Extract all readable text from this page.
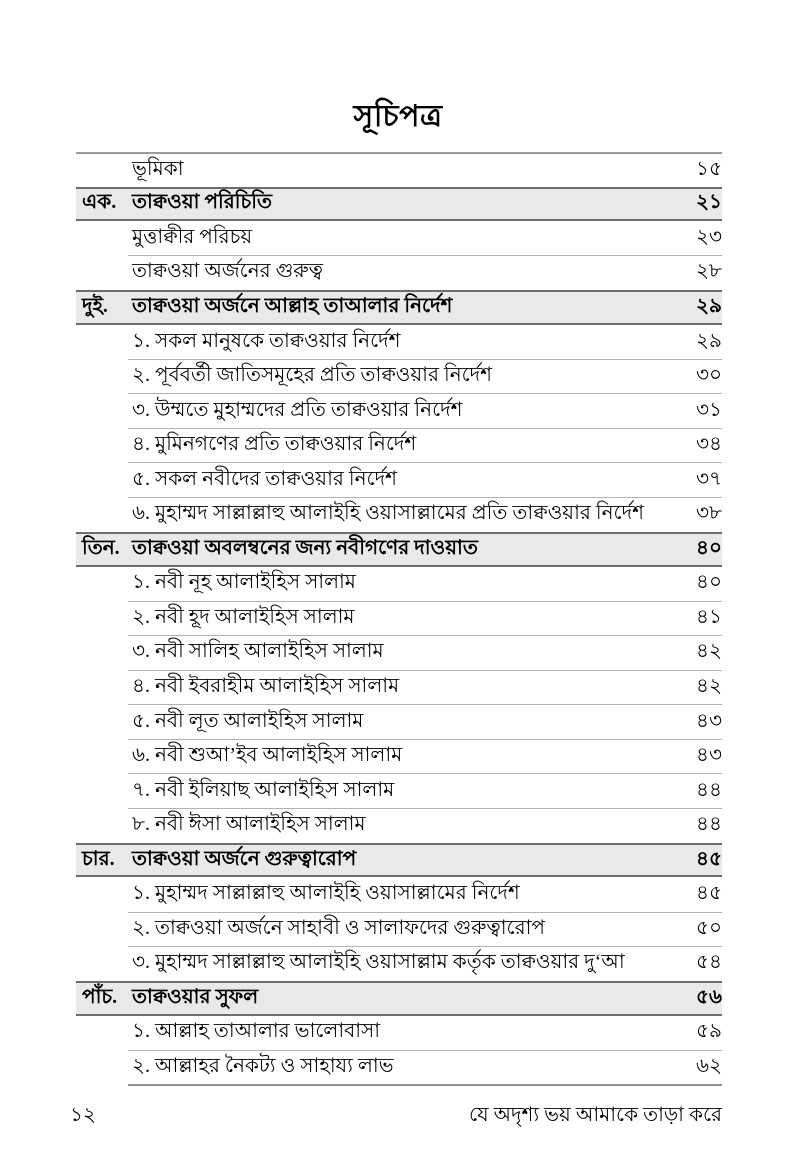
সূচিপত্র
ভূমিকা	১৫
এক. তাক্বওয়া পরিচিতি	২১
মুত্তাক্বীর পরিচয়	২৩
তাক্বওয়া অর্জনের গুরুত্ব	২৮
দুই.	তাক্বওয়া অর্জনে আল্লাহ তাআলার নির্দেশ	২৯
১. সকল মানুষকে তাক্বওয়ার নির্দেশ	২৯
২. পূর্ববর্তী জাতিসমূহের প্রতি তাক্বওয়ার নির্দেশ	৩০
৩. উম্মতে মুহাম্মদের প্রতি তাক্বওয়ার নির্দেশ	৩১
৪. মুমিনগণের প্রতি তাক্বওয়ার নির্দেশ	৩৪
৫. সকল নবীদের তাক্বওয়ার নির্দেশ	৩৭
৬. মুহাম্মদ সাল্লাল্লাহু আলাইহি ওয়াসাল্লামের প্রতি তাক্বওয়ার নির্দেশ	৩৮
তিন. তাক্বওয়া অবলম্বনের জন্য নবীগণের দাওয়াত	৪০
১. নবী নূহ আলাইহিস সালাম	৪০
২. নবী হূদ আলাইহিস সালাম	৪১
৩. নবী সালিহ আলাইহিস সালাম	৪২
৪. নবী ইবরাহীম আলাইহিস সালাম	৪২
৫. নবী লূত আলাইহিস সালাম	৪৩
৬. নবী শুআ’ইব আলাইহিস সালাম	৪৩
৭. নবী ইলিয়াছ আলাইহিস সালাম	৪৪
৮. নবী ঈসা আলাইহিস সালাম	৪৪
চার. তাক্বওয়া অর্জনে গুরুত্বারোপ	৪৫
১. মুহাম্মদ সাল্লাল্লাহু আলাইহি ওয়াসাল্লামের নির্দেশ	৪৫
২. তাক্বওয়া অর্জনে সাহাবী ও সালাফদের গুরুত্বারোপ	৫০
৩. মুহাম্মদ সাল্লাল্লাহু আলাইহি ওয়াসাল্লাম কর্তৃক তাক্বওয়ার দু‘আ	৫৪
পাঁচ. তাক্বওয়ার সুফল	৫৬
১. আল্লাহ তাআলার ভালোবাসা	৫৯
২. আল্লাহর নৈকট্য ও সাহায্য লাভ	৬২
১২	যে অদৃশ্য ভয় আমাকে তাড়া করে
